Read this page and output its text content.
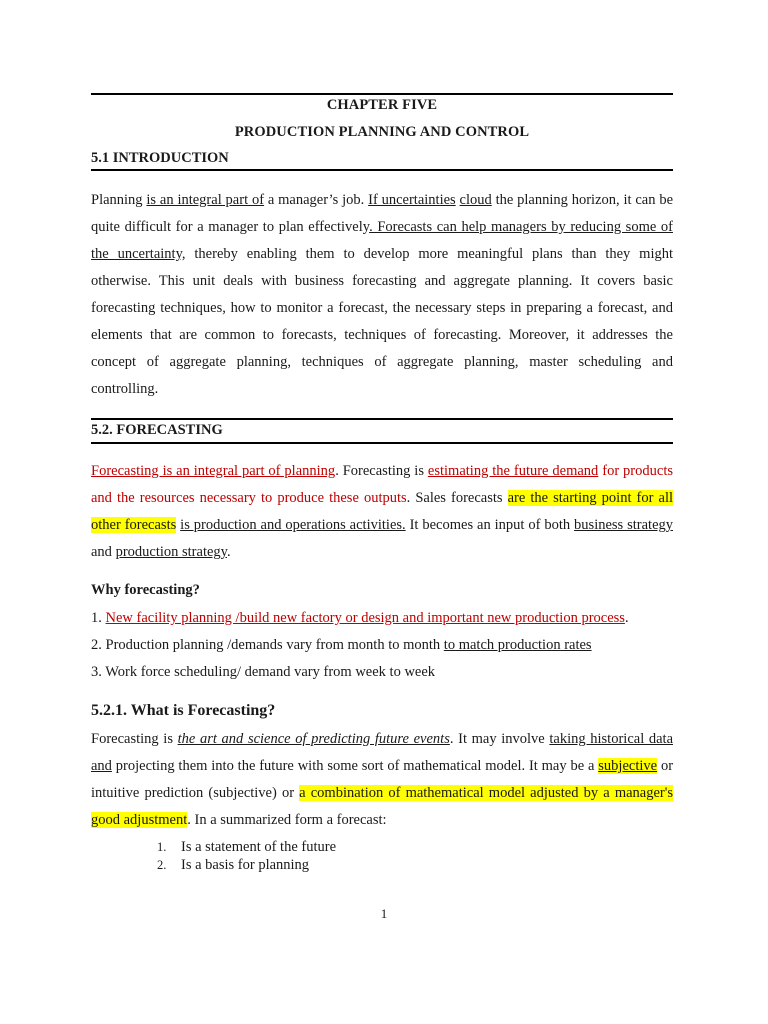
CHAPTER FIVE
PRODUCTION PLANNING AND CONTROL
5.1 INTRODUCTION
Planning is an integral part of a manager’s job. If uncertainties cloud the planning horizon, it can be quite difficult for a manager to plan effectively. Forecasts can help managers by reducing some of the uncertainty, thereby enabling them to develop more meaningful plans than they might otherwise. This unit deals with business forecasting and aggregate planning. It covers basic forecasting techniques, how to monitor a forecast, the necessary steps in preparing a forecast, and elements that are common to forecasts, techniques of forecasting. Moreover, it addresses the concept of aggregate planning, techniques of aggregate planning, master scheduling and controlling.
5.2. FORECASTING
Forecasting is an integral part of planning. Forecasting is estimating the future demand for products and the resources necessary to produce these outputs. Sales forecasts are the starting point for all other forecasts is production and operations activities. It becomes an input of both business strategy and production strategy.
Why forecasting?
1. New facility planning /build new factory or design and important new production process.
2. Production planning /demands vary from month to month to match production rates
3. Work force scheduling/ demand vary from week to week
5.2.1. What is Forecasting?
Forecasting is the art and science of predicting future events. It may involve taking historical data and projecting them into the future with some sort of mathematical model. It may be a subjective or intuitive prediction (subjective) or a combination of mathematical model adjusted by a manager's good adjustment. In a summarized form a forecast:
1. Is a statement of the future
2. Is a basis for planning
1
